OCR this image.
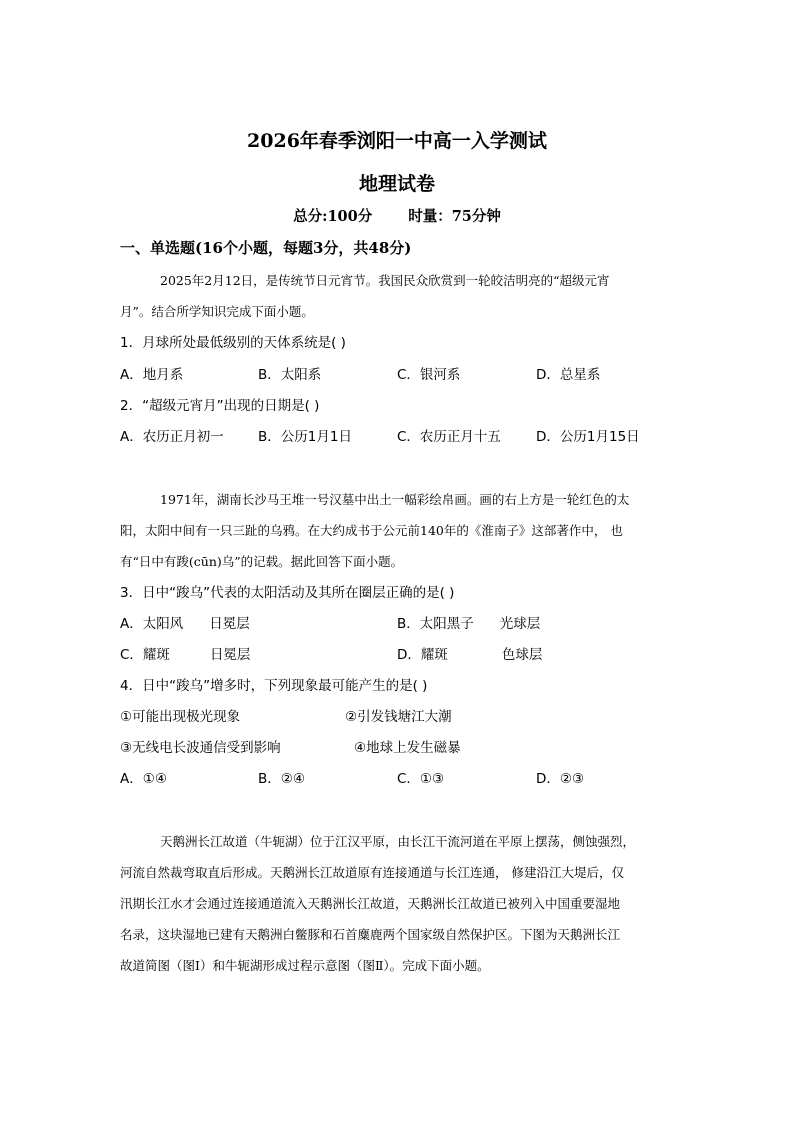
2026年春季浏阳一中高一入学测试
地理试卷
总分:100分 时量：75分钟
一、单选题(16个小题，每题3分，共48分)
2025年2月12日，是传统节日元宵节。我国民众欣赏到一轮皎洁明亮的“超级元宵
月”。结合所学知识完成下面小题。
1．月球所处最低级别的天体系统是( )
A．地月系	B．太阳系	C．银河系	D．总星系
2．“超级元宵月”出现的日期是( )
A．农历正月初一	B．公历1月1日	C．农历正月十五	D．公历1月15日
1971年，湖南长沙马王堆一号汉墓中出土一幅彩绘帛画。画的右上方是一轮红色的太
阳，太阳中间有一只三趾的乌鸦。在大约成书于公元前140年的《淮南子》这部著作中， 也
有“日中有踆(cūn)乌”的记载。据此回答下面小题。
3．日中“踆乌”代表的太阳活动及其所在圈层正确的是( )
A．太阳风 日冕层	B．太阳黑子 光球层
C．耀斑	日冕层	D．耀斑	色球层
4．日中“踆乌”增多时，下列现象最可能产生的是( )
①可能出现极光现象	②引发钱塘江大潮
③无线电长波通信受到影响	④地球上发生磁暴
A．①④	B．②④	C．①③	D．②③
天鹅洲长江故道（牛轭湖）位于江汉平原，由长江干流河道在平原上摆荡，侧蚀强烈，
河流自然裁弯取直后形成。天鹅洲长江故道原有连接通道与长江连通， 修建沿江大堤后，仅
汛期长江水才会通过连接通道流入天鹅洲长江故道，天鹅洲长江故道已被列入中国重要湿地
名录，这块湿地已建有天鹅洲白鳖豚和石首麋鹿两个国家级自然保护区。下图为天鹅洲长江
故道简图（图Ⅰ）和牛轭湖形成过程示意图（图Ⅱ）。完成下面小题。
